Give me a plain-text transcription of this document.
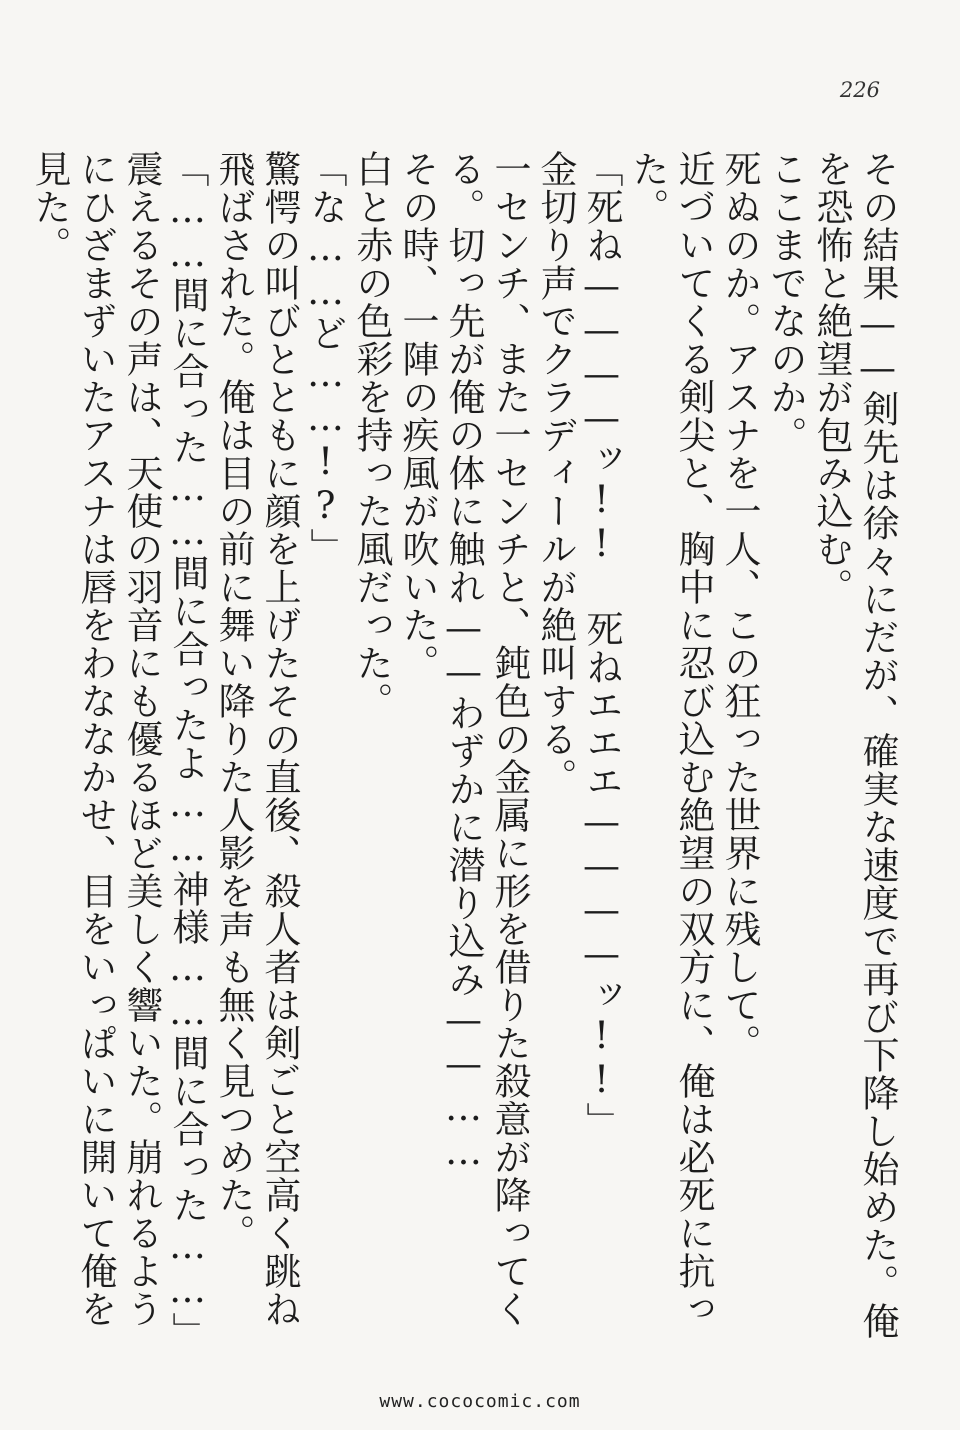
226
その結果——剣先は徐々にだが、確実な速度で再び下降し始めた。俺を恐怖と絶望が包み込む。
ここまでなのか。
死ぬのか。アスナを一人、この狂った世界に残して。
近づいてくる剣尖と、胸中に忍び込む絶望の双方に、俺は必死に抗った。
「死ね————ッ!! 死ねエエエ————ッ!!」
金切り声でクラディールが絶叫する。
一センチ、また一センチと、鈍色の金属に形を借りた殺意が降ってくる。切っ先が俺の体に触れ——わずかに潜り込み——……
その時、一陣の疾風が吹いた。
白と赤の色彩を持った風だった。
「な……ど……!?」
驚愕の叫びとともに顔を上げたその直後、殺人者は剣ごと空高く跳ね飛ばされた。俺は目の前に舞い降りた人影を声も無く見つめた。
「……間に合った……間に合ったよ……神様……間に合った……」
震えるその声は、天使の羽音にも優るほど美しく響いた。崩れるようにひざまずいたアスナは唇をわななかせ、目をいっぱいに開いて俺を見た。
www.cococomic.com
